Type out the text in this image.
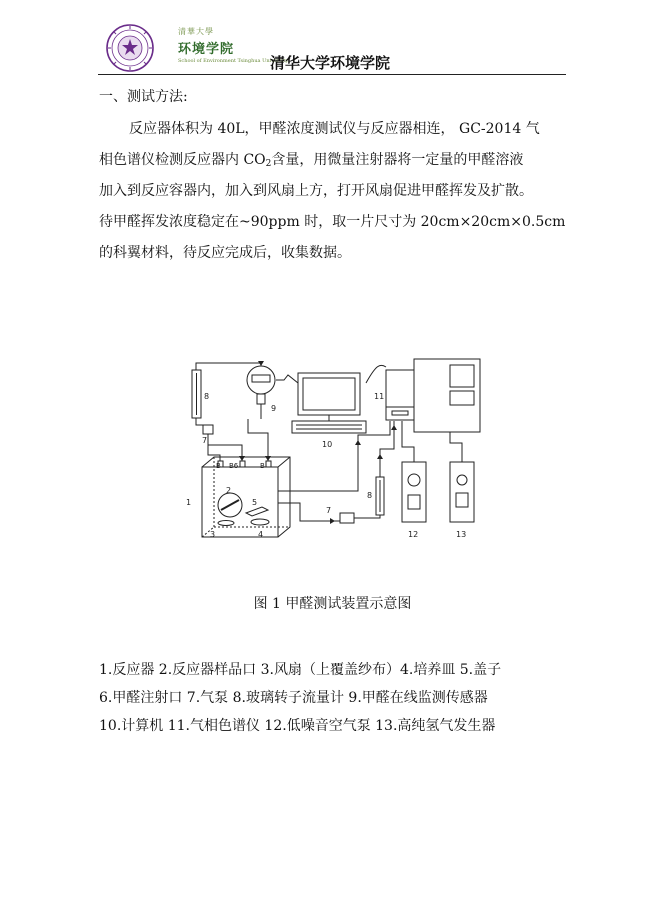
清華大學
环境学院
School of Environment Tsinghua University
清华大学环境学院
一、测试方法:
反应器体积为 40L，甲醛浓度测试仪与反应器相连， GC-2014 气
相色谱仪检测反应器内 $CO_2$含量，用微量注射器将一定量的甲醛溶液
加入到反应容器内，加入到风扇上方，打开风扇促进甲醛挥发及扩散。
待甲醛挥发浓度稳定在~90ppm 时，取一片尺寸为 20cm×20cm×0.5cm
的科翼材料，待反应完成后，收集数据。
1
2
3	4
5
B B6	B
7
7
8
8
9
10
11
12	13
图 1 甲醛测试装置示意图
1.反应器 2.反应器样品口 3.风扇（上覆盖纱布）4.培养皿 5.盖子
6.甲醛注射口 7.气泵 8.玻璃转子流量计 9.甲醛在线监测传感器
10.计算机 11.气相色谱仪 12.低噪音空气泵 13.高纯氢气发生器
